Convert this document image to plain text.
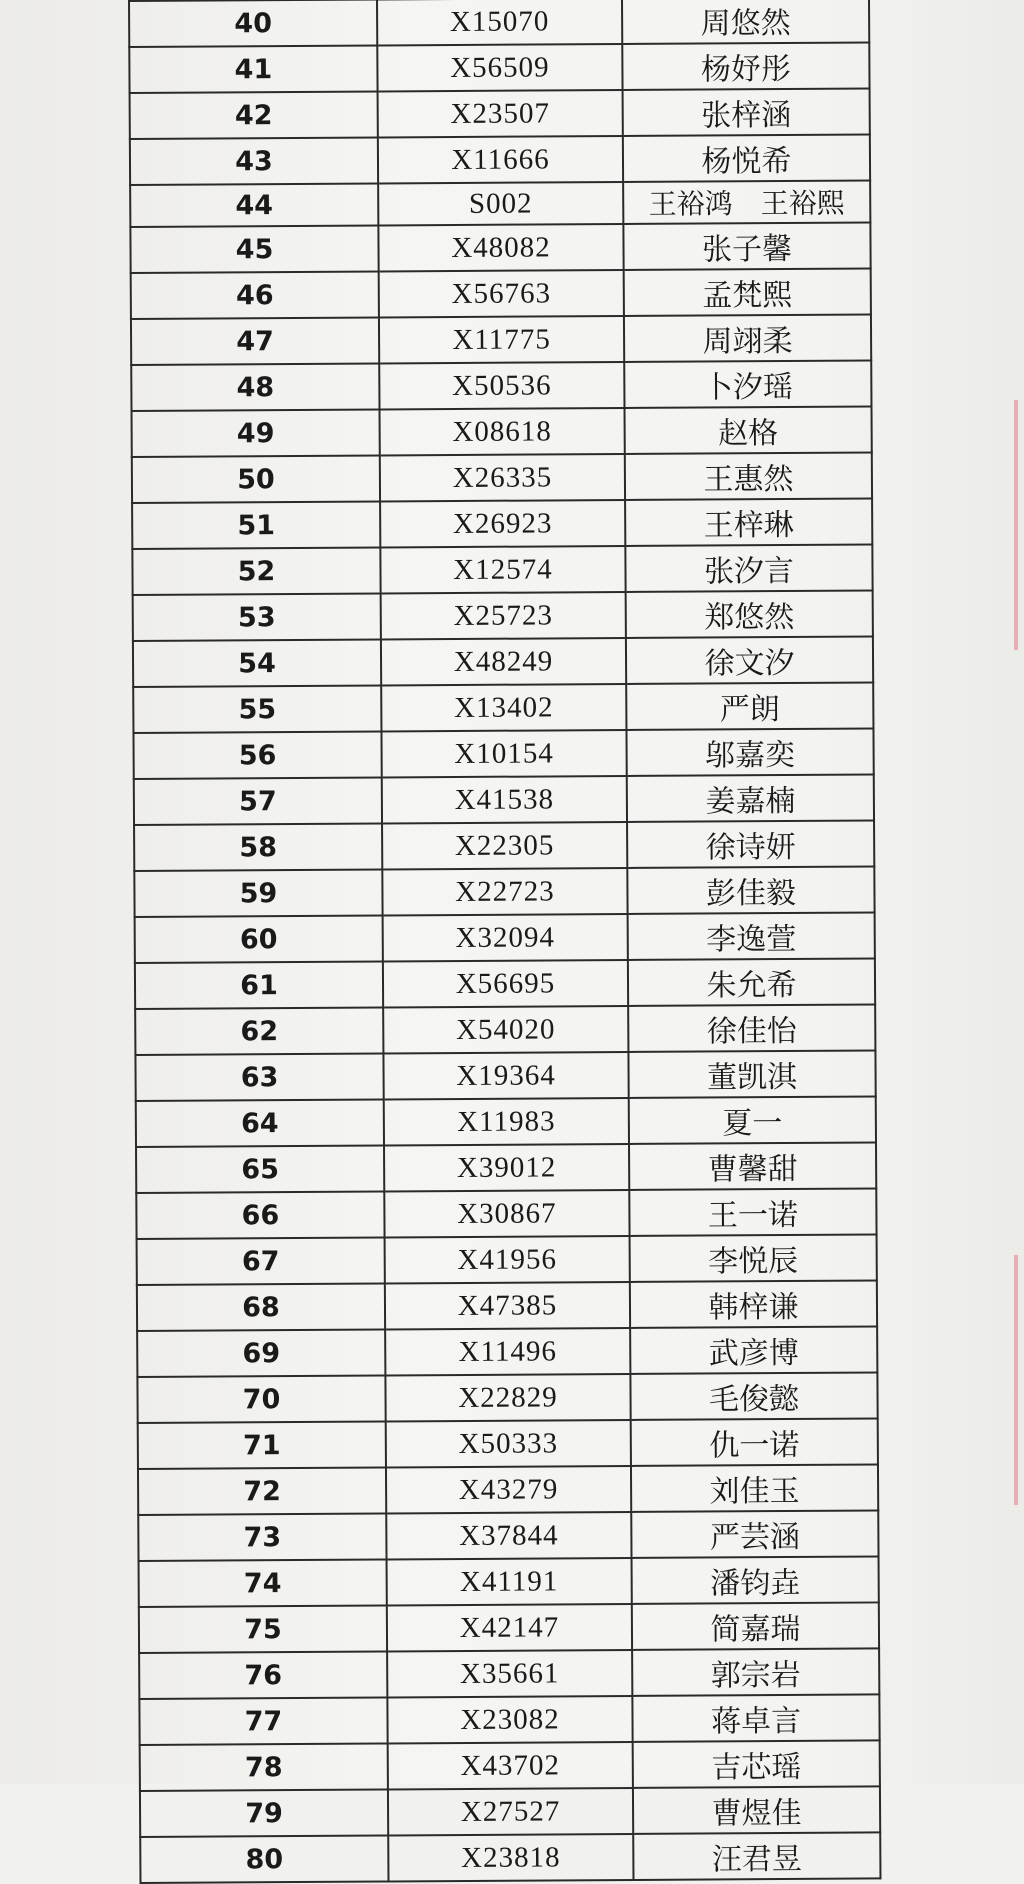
40	X15070	周悠然
41	X56509	杨妤彤
42	X23507	张梓涵
43	X11666	杨悦希
44	S002	王裕鸿　王裕熙
45	X48082	张子馨
46	X56763	孟梵熙
47	X11775	周翊柔
48	X50536	卜汐瑶
49	X08618	赵格
50	X26335	王惠然
51	X26923	王梓琳
52	X12574	张汐言
53	X25723	郑悠然
54	X48249	徐文汐
55	X13402	严朗
56	X10154	邬嘉奕
57	X41538	姜嘉楠
58	X22305	徐诗妍
59	X22723	彭佳毅
60	X32094	李逸萱
61	X56695	朱允希
62	X54020	徐佳怡
63	X19364	董凯淇
64	X11983	夏一
65	X39012	曹馨甜
66	X30867	王一诺
67	X41956	李悦辰
68	X47385	韩梓谦
69	X11496	武彦博
70	X22829	毛俊懿
71	X50333	仇一诺
72	X43279	刘佳玉
73	X37844	严芸涵
74	X41191	潘钧垚
75	X42147	简嘉瑞
76	X35661	郭宗岩
77	X23082	蒋卓言
78	X43702	吉芯瑶
79	X27527	曹煜佳
80	X23818	汪君昱
